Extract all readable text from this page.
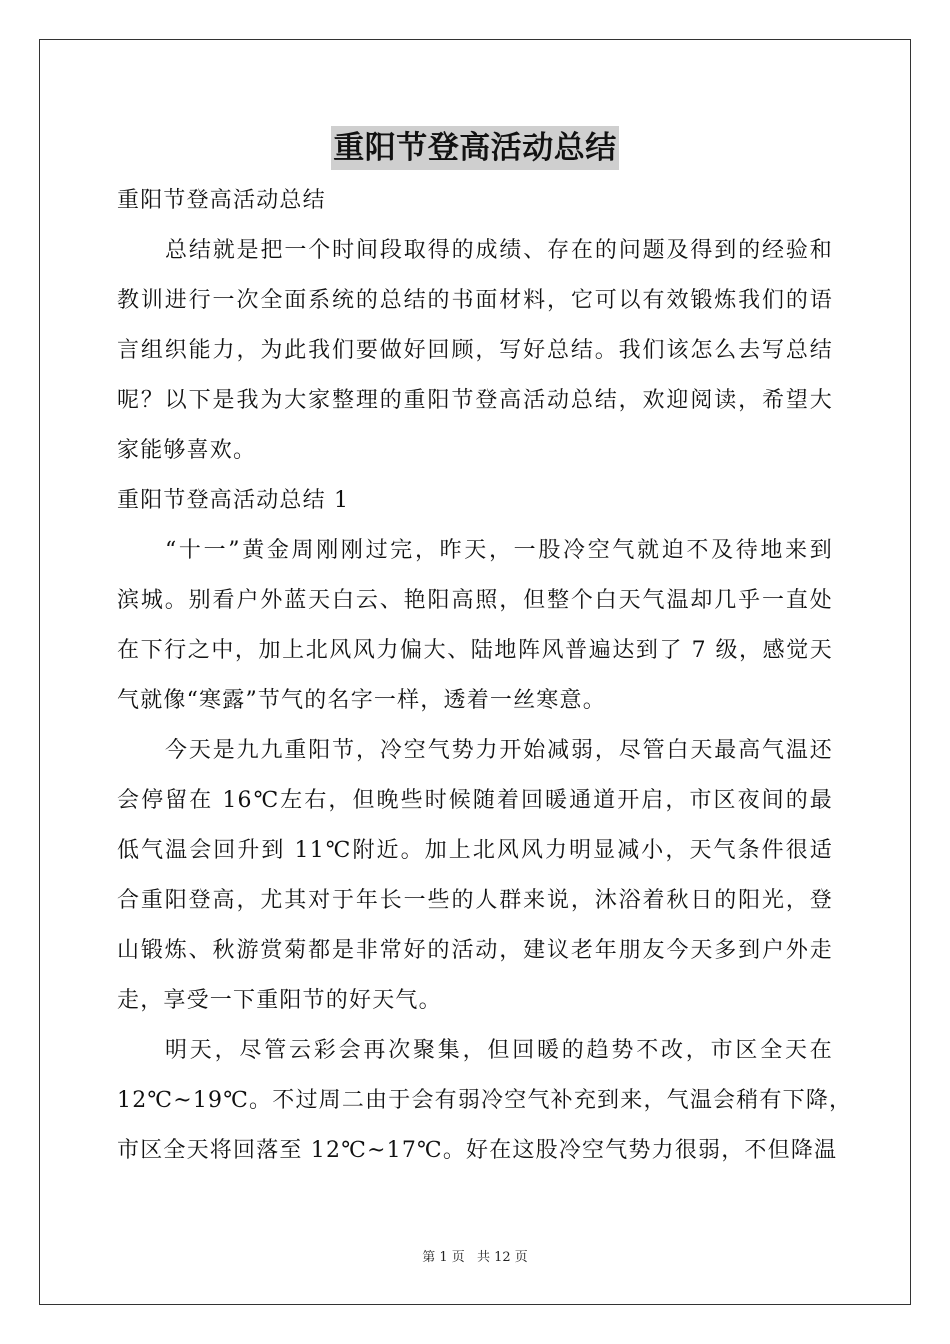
重阳节登高活动总结
重阳节登高活动总结
总结就是把一个时间段取得的成绩、存在的问题及得到的经验和
教训进行一次全面系统的总结的书面材料，它可以有效锻炼我们的语
言组织能力，为此我们要做好回顾，写好总结。我们该怎么去写总结
呢？以下是我为大家整理的重阳节登高活动总结，欢迎阅读，希望大
家能够喜欢。
重阳节登高活动总结 1
“十一”黄金周刚刚过完，昨天，一股冷空气就迫不及待地来到
滨城。别看户外蓝天白云、艳阳高照，但整个白天气温却几乎一直处
在下行之中，加上北风风力偏大、陆地阵风普遍达到了 7 级，感觉天
气就像“寒露”节气的名字一样，透着一丝寒意。
今天是九九重阳节，冷空气势力开始减弱，尽管白天最高气温还
会停留在 16℃左右，但晚些时候随着回暖通道开启，市区夜间的最
低气温会回升到 11℃附近。加上北风风力明显减小，天气条件很适
合重阳登高，尤其对于年长一些的人群来说，沐浴着秋日的阳光，登
山锻炼、秋游赏菊都是非常好的活动，建议老年朋友今天多到户外走
走，享受一下重阳节的好天气。
明天，尽管云彩会再次聚集，但回暖的趋势不改，市区全天在
12℃~19℃。不过周二由于会有弱冷空气补充到来，气温会稍有下降，
市区全天将回落至 12℃~17℃。好在这股冷空气势力很弱，不但降温
第 1 页 共 12 页
